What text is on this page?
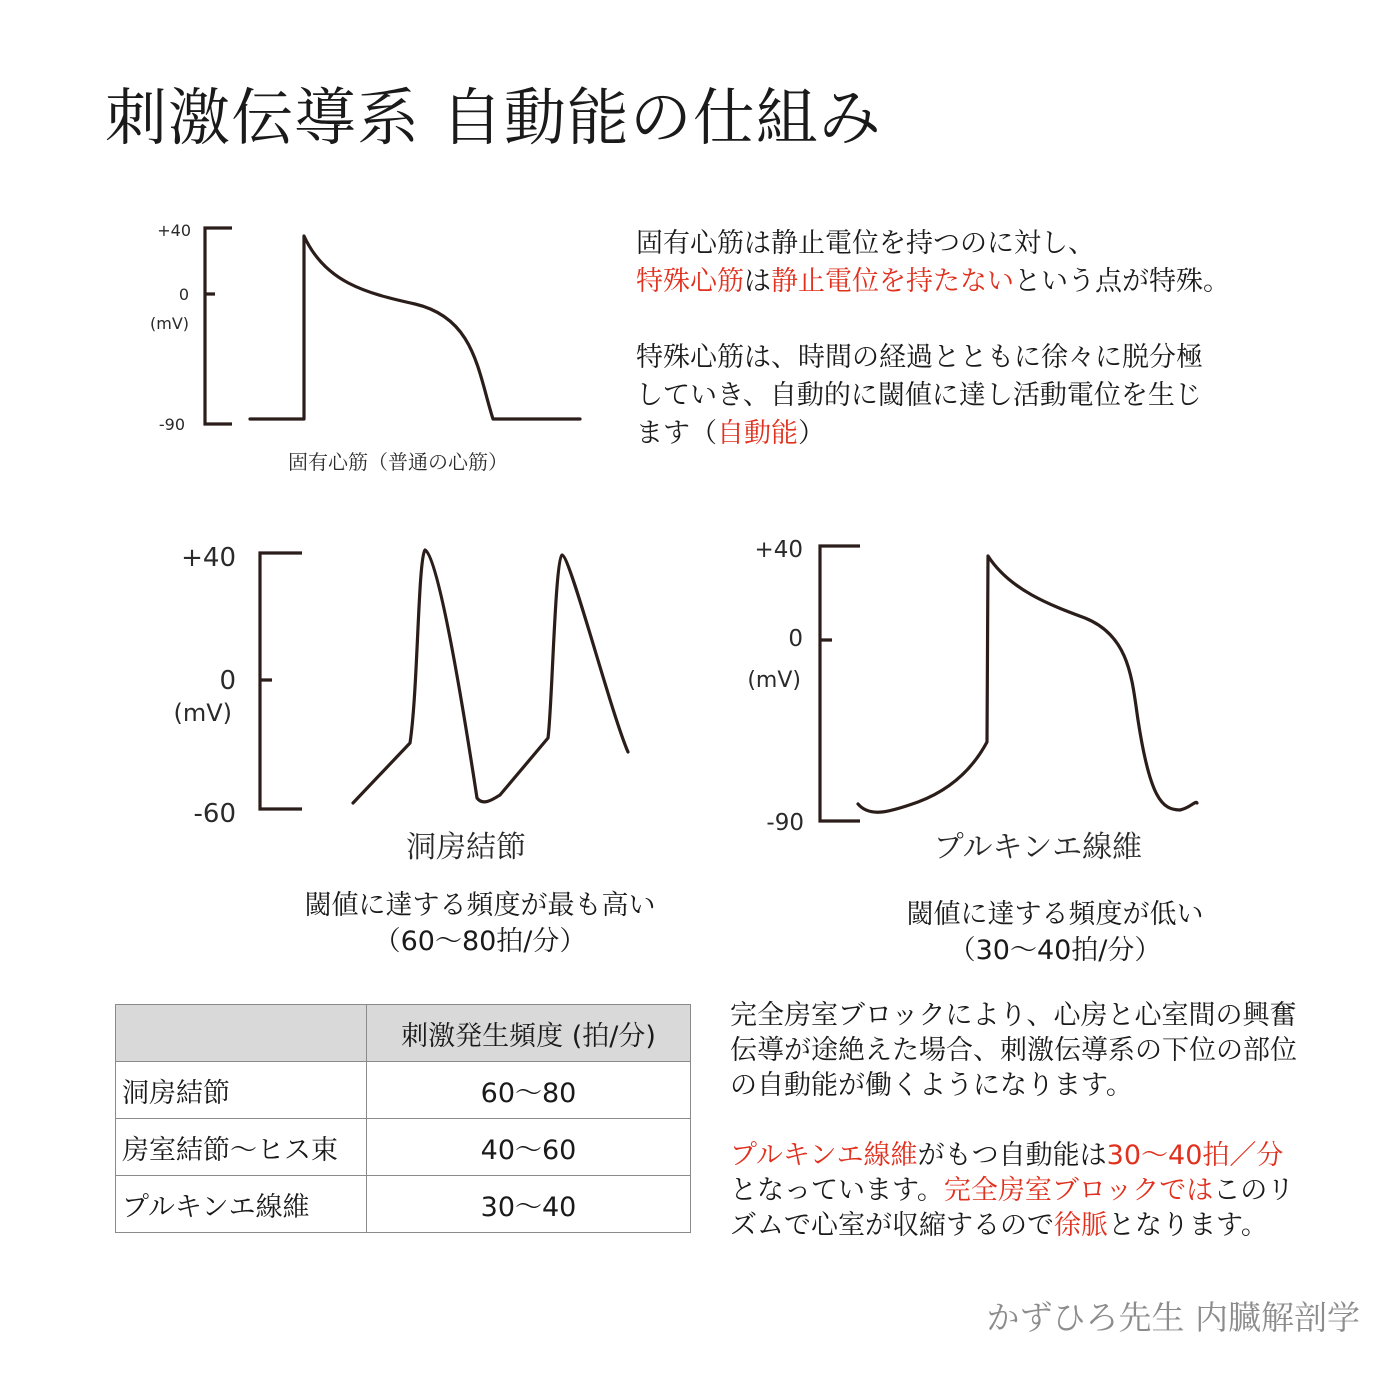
刺激伝導系 自動能の仕組み
+40
0
(mV)
-90
固有心筋（普通の心筋）
+40
0
(mV)
-60
洞房結節
+40
0
(mV)
-90
プルキンエ線維
閾値に達する頻度が最も高い
（60〜80拍/分）
閾値に達する頻度が低い
（30〜40拍/分）

固有心筋は静止電位を持つのに対し、

特殊心筋は静止電位を持たないという点が特殊。

特殊心筋は、時間の経過とともに徐々に脱分極

していき、自動的に閾値に達し活動電位を生じ

ます（自動能）

	刺激発生頻度 (拍/分)
洞房結節	60〜80
房室結節〜ヒス束	40〜60
プルキンエ線維	30〜40

完全房室ブロックにより、心房と心室間の興奮

伝導が途絶えた場合、刺激伝導系の下位の部位

の自動能が働くようになります。

プルキンエ線維がもつ自動能は30〜40拍／分

となっています。完全房室ブロックではこのリ

ズムで心室が収縮するので徐脈となります。

かずひろ先生 内臓解剖学
